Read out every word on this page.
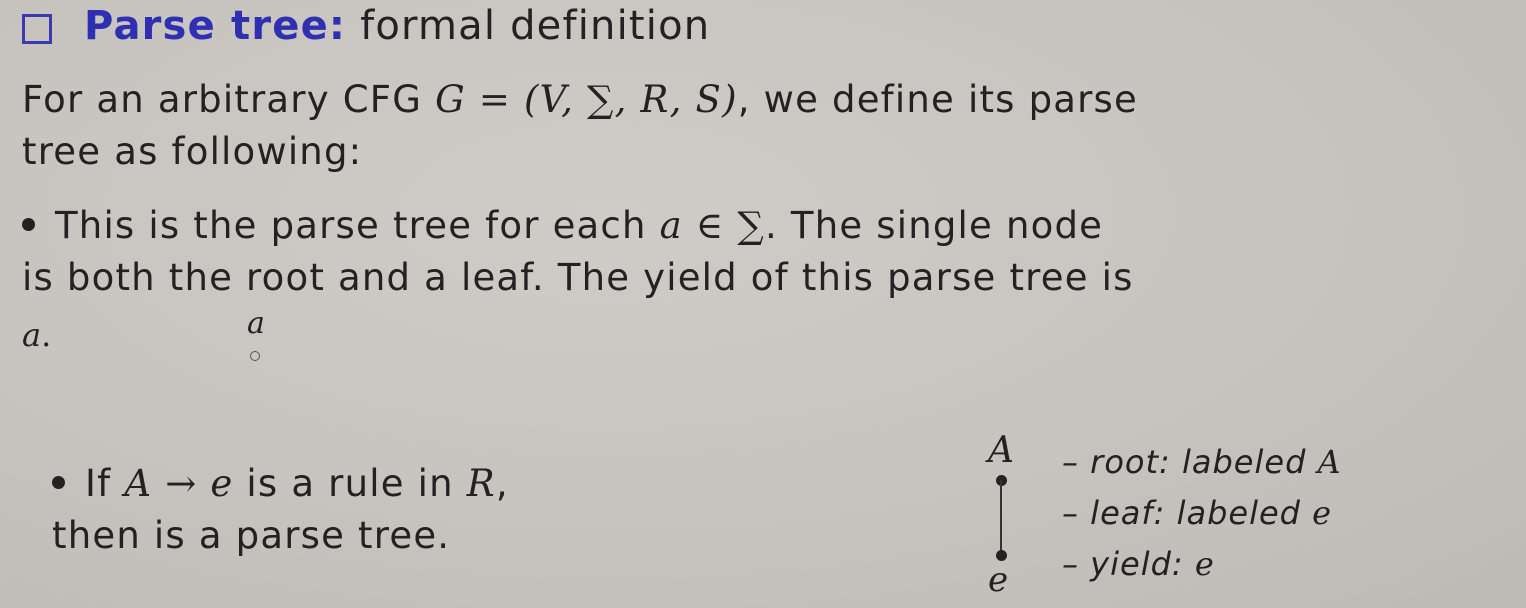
Parse tree: formal definition
For an arbitrary CFG G = (V, ∑, R, S), we define its parse
tree as following:
This is the parse tree for each a ∈ ∑. The single node
is both the root and a leaf. The yield of this parse tree is
a.	a
If A → e is a rule in R,
then is a parse tree.
A
e
– root: labeled A
– leaf: labeled e
– yield: e
